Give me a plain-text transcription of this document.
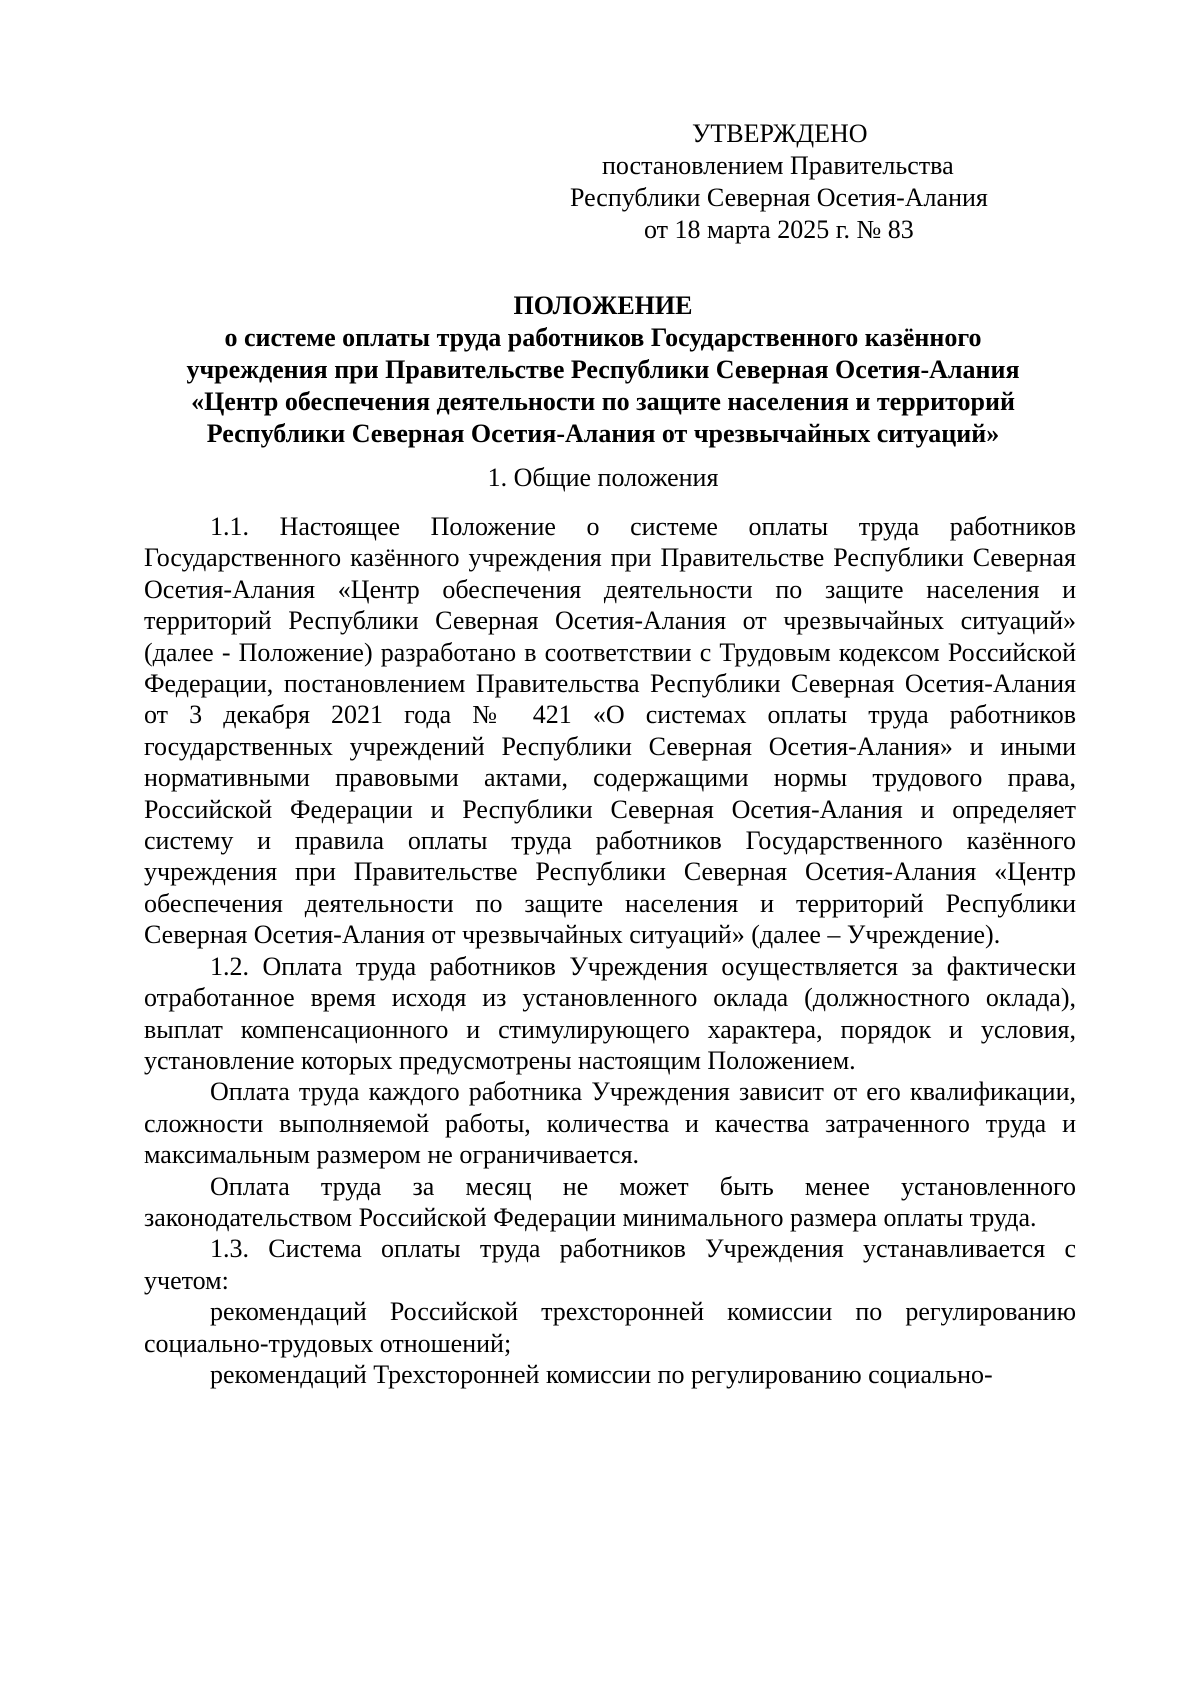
УТВЕРЖДЕНО
постановлением Правительства
Республики Северная Осетия-Алания
от 18 марта 2025 г. № 83
ПОЛОЖЕНИЕ
о системе оплаты труда работников Государственного казённого
учреждения при Правительстве Республики Северная Осетия-Алания
«Центр обеспечения деятельности по защите населения и территорий
Республики Северная Осетия-Алания от чрезвычайных ситуаций»
1. Общие положения

1.1. Настоящее Положение о системе оплаты труда работников Государственного казённого учреждения при Правительстве Республики Северная Осетия-Алания «Центр обеспечения деятельности по защите населения и территорий Республики Северная Осетия-Алания от чрезвычайных ситуаций» (далее - Положение) разработано в соответствии с Трудовым кодексом Российской Федерации, постановлением Правительства Республики Северная Осетия-Алания от 3 декабря 2021 года № 421 «О системах оплаты труда работников государственных учреждений Республики Северная Осетия-Алания» и иными нормативными правовыми актами, содержащими нормы трудового права, Российской Федерации и Республики Северная Осетия-Алания и определяет систему и правила оплаты труда работников Государственного казённого учреждения при Правительстве Республики Северная Осетия-Алания «Центр обеспечения деятельности по защите населения и территорий Республики Северная Осетия-Алания от чрезвычайных ситуаций» (далее – Учреждение).

1.2. Оплата труда работников Учреждения осуществляется за фактически отработанное время исходя из установленного оклада (должностного оклада), выплат компенсационного и стимулирующего характера, порядок и условия, установление которых предусмотрены настоящим Положением.

Оплата труда каждого работника Учреждения зависит от его квалификации, сложности выполняемой работы, количества и качества затраченного труда и максимальным размером не ограничивается.

Оплата труда за месяц не может быть менее установленного законодательством Российской Федерации минимального размера оплаты труда.

1.3. Система оплаты труда работников Учреждения устанавливается с учетом:

рекомендаций Российской трехсторонней комиссии по регулированию социально-трудовых отношений;

рекомендаций Трехсторонней комиссии по регулированию социально-
